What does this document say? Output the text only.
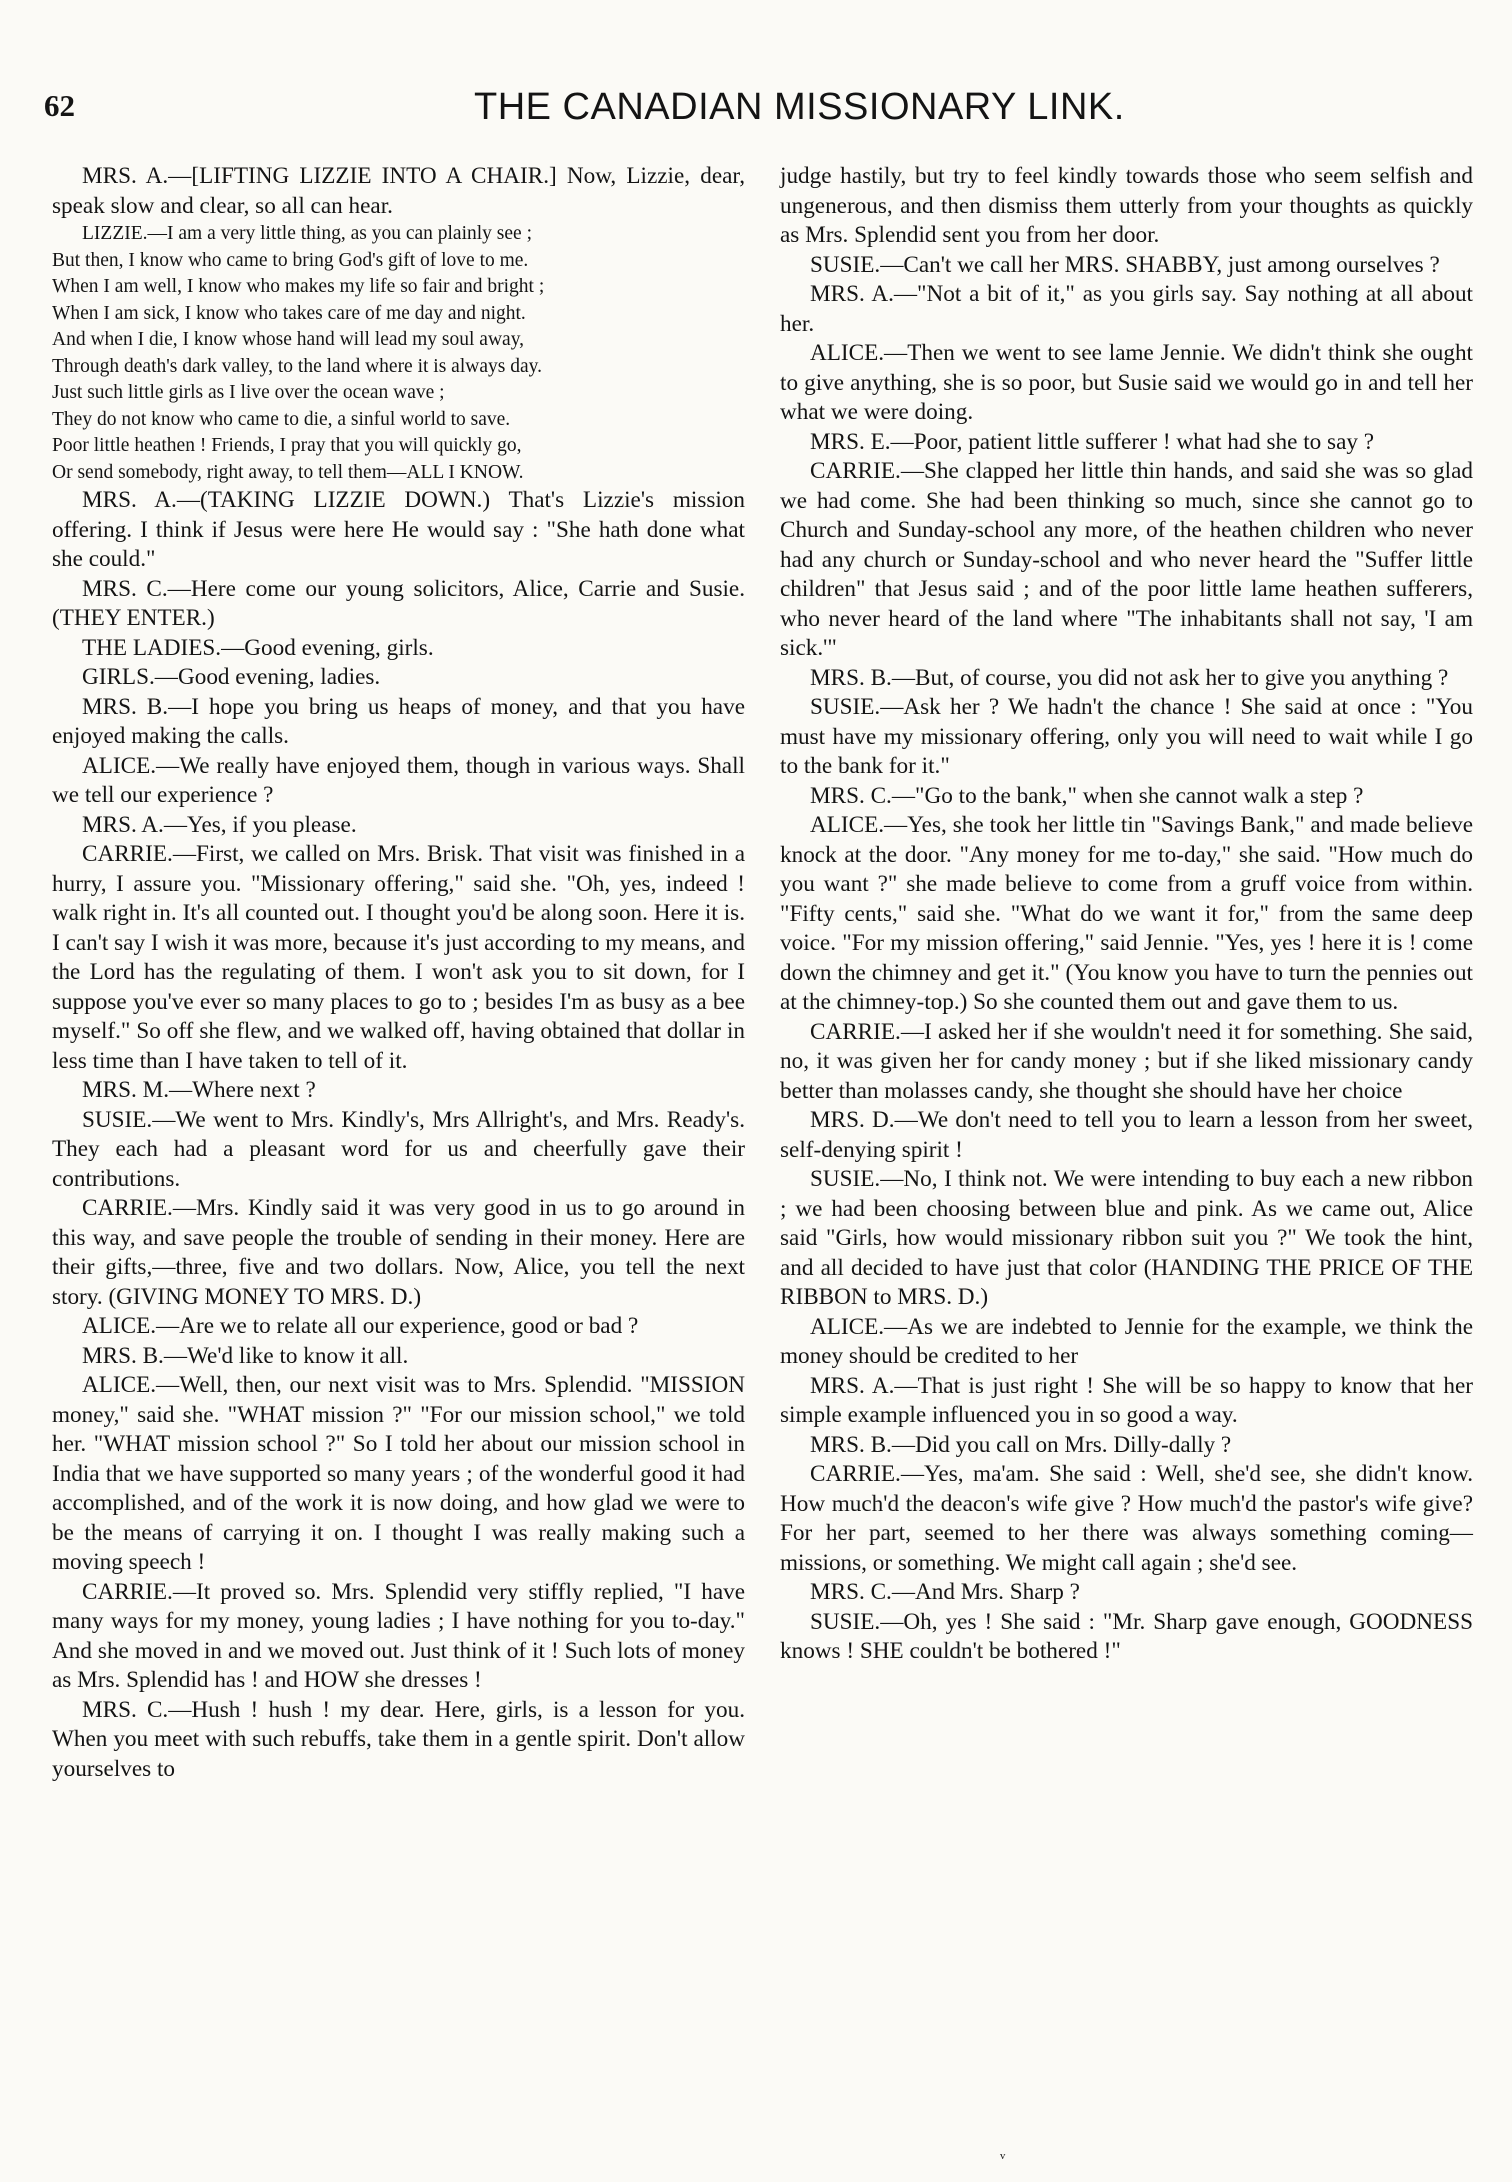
62	THE CANADIAN MISSIONARY LINK.

MRS. A.—[LIFTING LIZZIE INTO A CHAIR.] Now, Lizzie, dear, speak slow and clear, so all can hear.

LIZZIE.—I am a very little thing, as you can plainly see ;
But then, I know who came to bring God's gift of love to me.
When I am well, I know who makes my life so fair and bright ;
When I am sick, I know who takes care of me day and night.
And when I die, I know whose hand will lead my soul away,
Through death's dark valley, to the land where it is always day.
Just such little girls as I live over the ocean wave ;
They do not know who came to die, a sinful world to save.
Poor little heathen ! Friends, I pray that you will quickly go,
Or send somebody, right away, to tell them—ALL I KNOW.

MRS. A.—(TAKING LIZZIE DOWN.) That's Lizzie's mission offering. I think if Jesus were here He would say : "She hath done what she could."

MRS. C.—Here come our young solicitors, Alice, Carrie and Susie. (THEY ENTER.)

THE LADIES.—Good evening, girls.

GIRLS.—Good evening, ladies.

MRS. B.—I hope you bring us heaps of money, and that you have enjoyed making the calls.

ALICE.—We really have enjoyed them, though in various ways. Shall we tell our experience ?

MRS. A.—Yes, if you please.

CARRIE.—First, we called on Mrs. Brisk. That visit was finished in a hurry, I assure you. "Missionary offering," said she. "Oh, yes, indeed ! walk right in. It's all counted out. I thought you'd be along soon. Here it is. I can't say I wish it was more, because it's just according to my means, and the Lord has the regulating of them. I won't ask you to sit down, for I suppose you've ever so many places to go to ; besides I'm as busy as a bee myself." So off she flew, and we walked off, having obtained that dollar in less time than I have taken to tell of it.

MRS. M.—Where next ?

SUSIE.—We went to Mrs. Kindly's, Mrs Allright's, and Mrs. Ready's. They each had a pleasant word for us and cheerfully gave their contributions.

CARRIE.—Mrs. Kindly said it was very good in us to go around in this way, and save people the trouble of sending in their money. Here are their gifts,—three, five and two dollars. Now, Alice, you tell the next story. (GIVING MONEY TO MRS. D.)

ALICE.—Are we to relate all our experience, good or bad ?

MRS. B.—We'd like to know it all.

ALICE.—Well, then, our next visit was to Mrs. Splendid. "MISSION money," said she. "WHAT mission ?" "For our mission school," we told her. "WHAT mission school ?" So I told her about our mission school in India that we have supported so many years ; of the wonderful good it had accomplished, and of the work it is now doing, and how glad we were to be the means of carrying it on. I thought I was really making such a moving speech !

CARRIE.—It proved so. Mrs. Splendid very stiffly replied, "I have many ways for my money, young ladies ; I have nothing for you to-day." And she moved in and we moved out. Just think of it ! Such lots of money as Mrs. Splendid has ! and HOW she dresses !

MRS. C.—Hush ! hush ! my dear. Here, girls, is a lesson for you. When you meet with such rebuffs, take them in a gentle spirit. Don't allow yourselves to

judge hastily, but try to feel kindly towards those who seem selfish and ungenerous, and then dismiss them utterly from your thoughts as quickly as Mrs. Splendid sent you from her door.

SUSIE.—Can't we call her MRS. SHABBY, just among ourselves ?

MRS. A.—"Not a bit of it," as you girls say. Say nothing at all about her.

ALICE.—Then we went to see lame Jennie. We didn't think she ought to give anything, she is so poor, but Susie said we would go in and tell her what we were doing.

MRS. E.—Poor, patient little sufferer ! what had she to say ?

CARRIE.—She clapped her little thin hands, and said she was so glad we had come. She had been thinking so much, since she cannot go to Church and Sunday-school any more, of the heathen children who never had any church or Sunday-school and who never heard the "Suffer little children" that Jesus said ; and of the poor little lame heathen sufferers, who never heard of the land where "The inhabitants shall not say, 'I am sick.'"

MRS. B.—But, of course, you did not ask her to give you anything ?

SUSIE.—Ask her ? We hadn't the chance ! She said at once : "You must have my missionary offering, only you will need to wait while I go to the bank for it."

MRS. C.—"Go to the bank," when she cannot walk a step ?

ALICE.—Yes, she took her little tin "Savings Bank," and made believe knock at the door. "Any money for me to-day," she said. "How much do you want ?" she made believe to come from a gruff voice from within. "Fifty cents," said she. "What do we want it for," from the same deep voice. "For my mission offering," said Jennie. "Yes, yes ! here it is ! come down the chimney and get it." (You know you have to turn the pennies out at the chimney-top.) So she counted them out and gave them to us.

CARRIE.—I asked her if she wouldn't need it for something. She said, no, it was given her for candy money ; but if she liked missionary candy better than molasses candy, she thought she should have her choice

MRS. D.—We don't need to tell you to learn a lesson from her sweet, self-denying spirit !

SUSIE.—No, I think not. We were intending to buy each a new ribbon ; we had been choosing between blue and pink. As we came out, Alice said "Girls, how would missionary ribbon suit you ?" We took the hint, and all decided to have just that color (HANDING THE PRICE OF THE RIBBON to MRS. D.)

ALICE.—As we are indebted to Jennie for the example, we think the money should be credited to her

MRS. A.—That is just right ! She will be so happy to know that her simple example influenced you in so good a way.

MRS. B.—Did you call on Mrs. Dilly-dally ?

CARRIE.—Yes, ma'am. She said : Well, she'd see, she didn't know. How much'd the deacon's wife give ? How much'd the pastor's wife give? For her part, seemed to her there was always something coming—missions, or something. We might call again ; she'd see.

MRS. C.—And Mrs. Sharp ?

SUSIE.—Oh, yes ! She said : "Mr. Sharp gave enough, GOODNESS knows ! SHE couldn't be bothered !"

ᵛ
